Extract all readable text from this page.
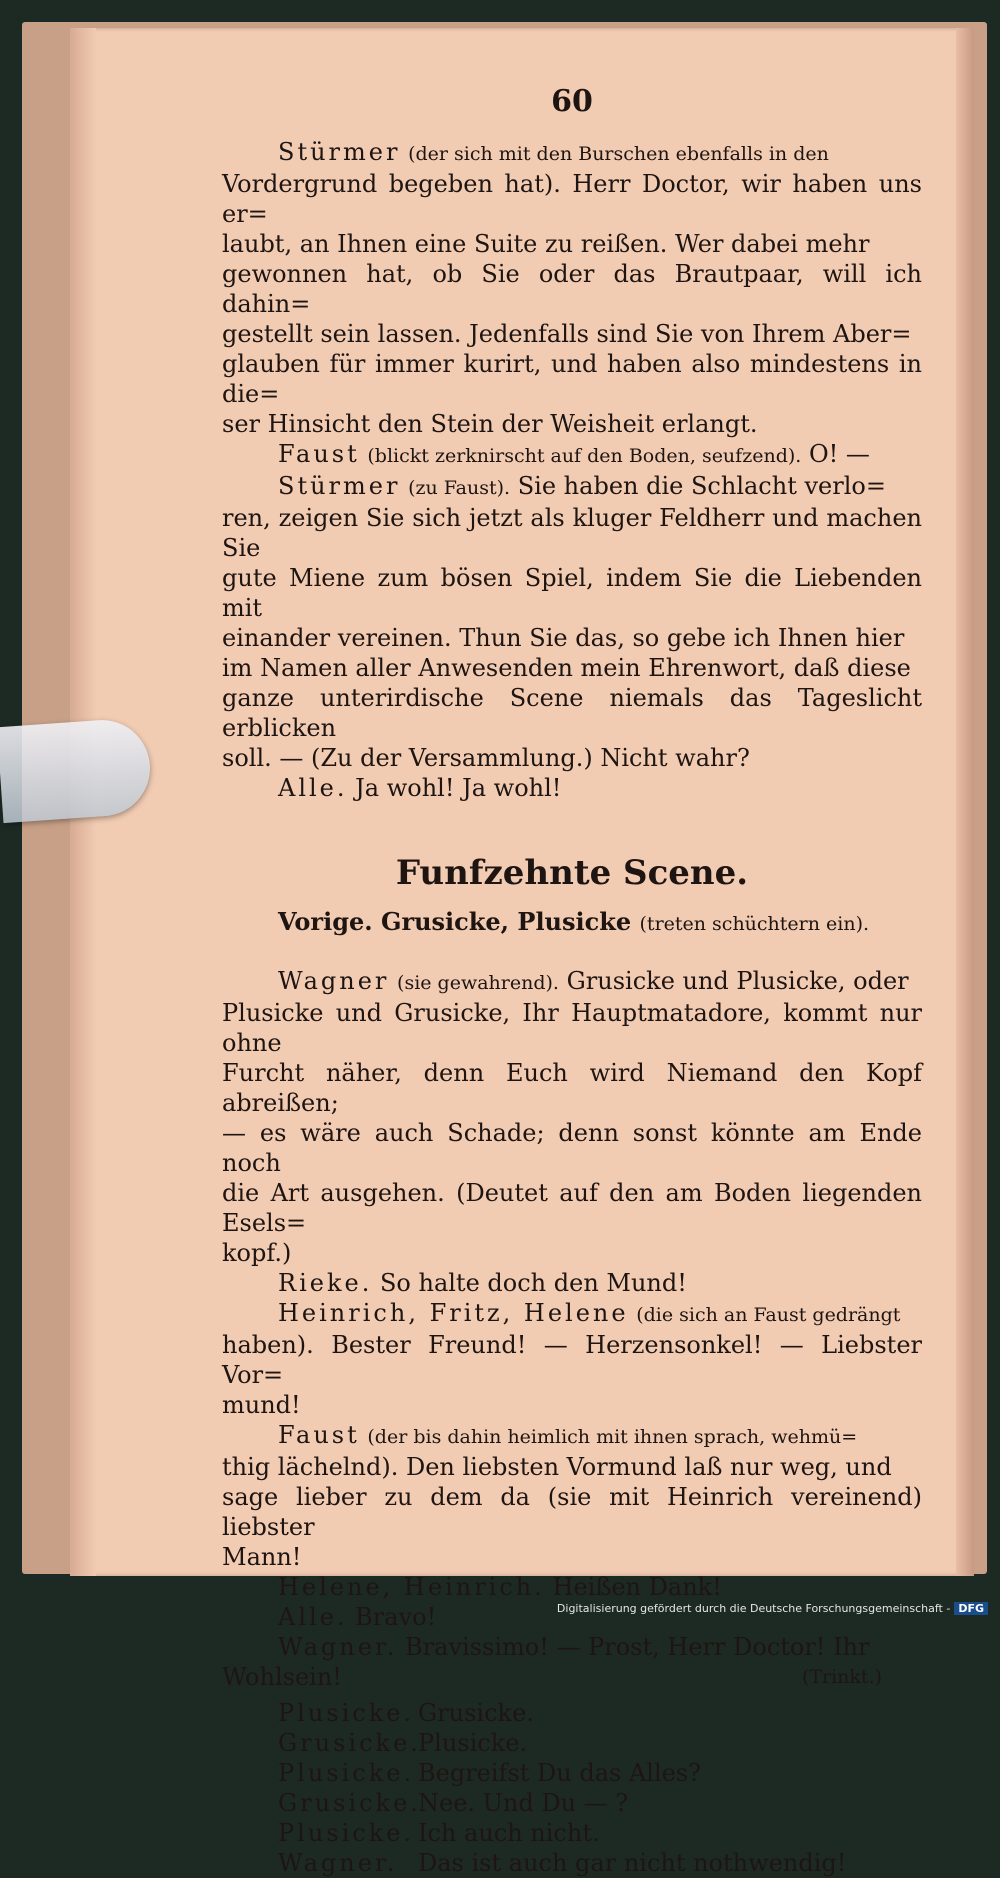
60

Stürmer (der sich mit den Burschen ebenfalls in den

Vordergrund begeben hat). Herr Doctor, wir haben uns er=

laubt, an Ihnen eine Suite zu reißen. Wer dabei mehr

gewonnen hat, ob Sie oder das Brautpaar, will ich dahin=

gestellt sein lassen. Jedenfalls sind Sie von Ihrem Aber=

glauben für immer kurirt, und haben also mindestens in die=

ser Hinsicht den Stein der Weisheit erlangt.

Faust (blickt zerknirscht auf den Boden, seufzend). O! —

Stürmer (zu Faust). Sie haben die Schlacht verlo=

ren, zeigen Sie sich jetzt als kluger Feldherr und machen Sie

gute Miene zum bösen Spiel, indem Sie die Liebenden mit

einander vereinen. Thun Sie das, so gebe ich Ihnen hier

im Namen aller Anwesenden mein Ehrenwort, daß diese

ganze unterirdische Scene niemals das Tageslicht erblicken

soll. — (Zu der Versammlung.) Nicht wahr?

Alle. Ja wohl! Ja wohl!

Funfzehnte Scene.

Vorige. Grusicke, Plusicke (treten schüchtern ein).

Wagner (sie gewahrend). Grusicke und Plusicke, oder

Plusicke und Grusicke, Ihr Hauptmatadore, kommt nur ohne

Furcht näher, denn Euch wird Niemand den Kopf abreißen;

— es wäre auch Schade; denn sonst könnte am Ende noch

die Art ausgehen. (Deutet auf den am Boden liegenden Esels=

kopf.)

Rieke. So halte doch den Mund!

Heinrich, Fritz, Helene (die sich an Faust gedrängt

haben). Bester Freund! — Herzensonkel! — Liebster Vor=

mund!

Faust (der bis dahin heimlich mit ihnen sprach, wehmü=

thig lächelnd). Den liebsten Vormund laß nur weg, und

sage lieber zu dem da (sie mit Heinrich vereinend) liebster

Mann!

Helene, Heinrich. Heißen Dank!

Alle. Bravo!

Wagner. Bravissimo! — Prost, Herr Doctor! Ihr

Wohlsein!	(Trinkt.)

Plusicke. Grusicke.
Grusicke.
Plusicke.
Plusicke. Begreifst Du das Alles?
Grusicke.
Nee. Und Du — ?
Plusicke. Ich auch nicht.
Wagner. Das ist auch gar nicht nothwendig!
Digitalisierung gefördert durch die Deutsche Forschungsgemeinschaft - DFG
